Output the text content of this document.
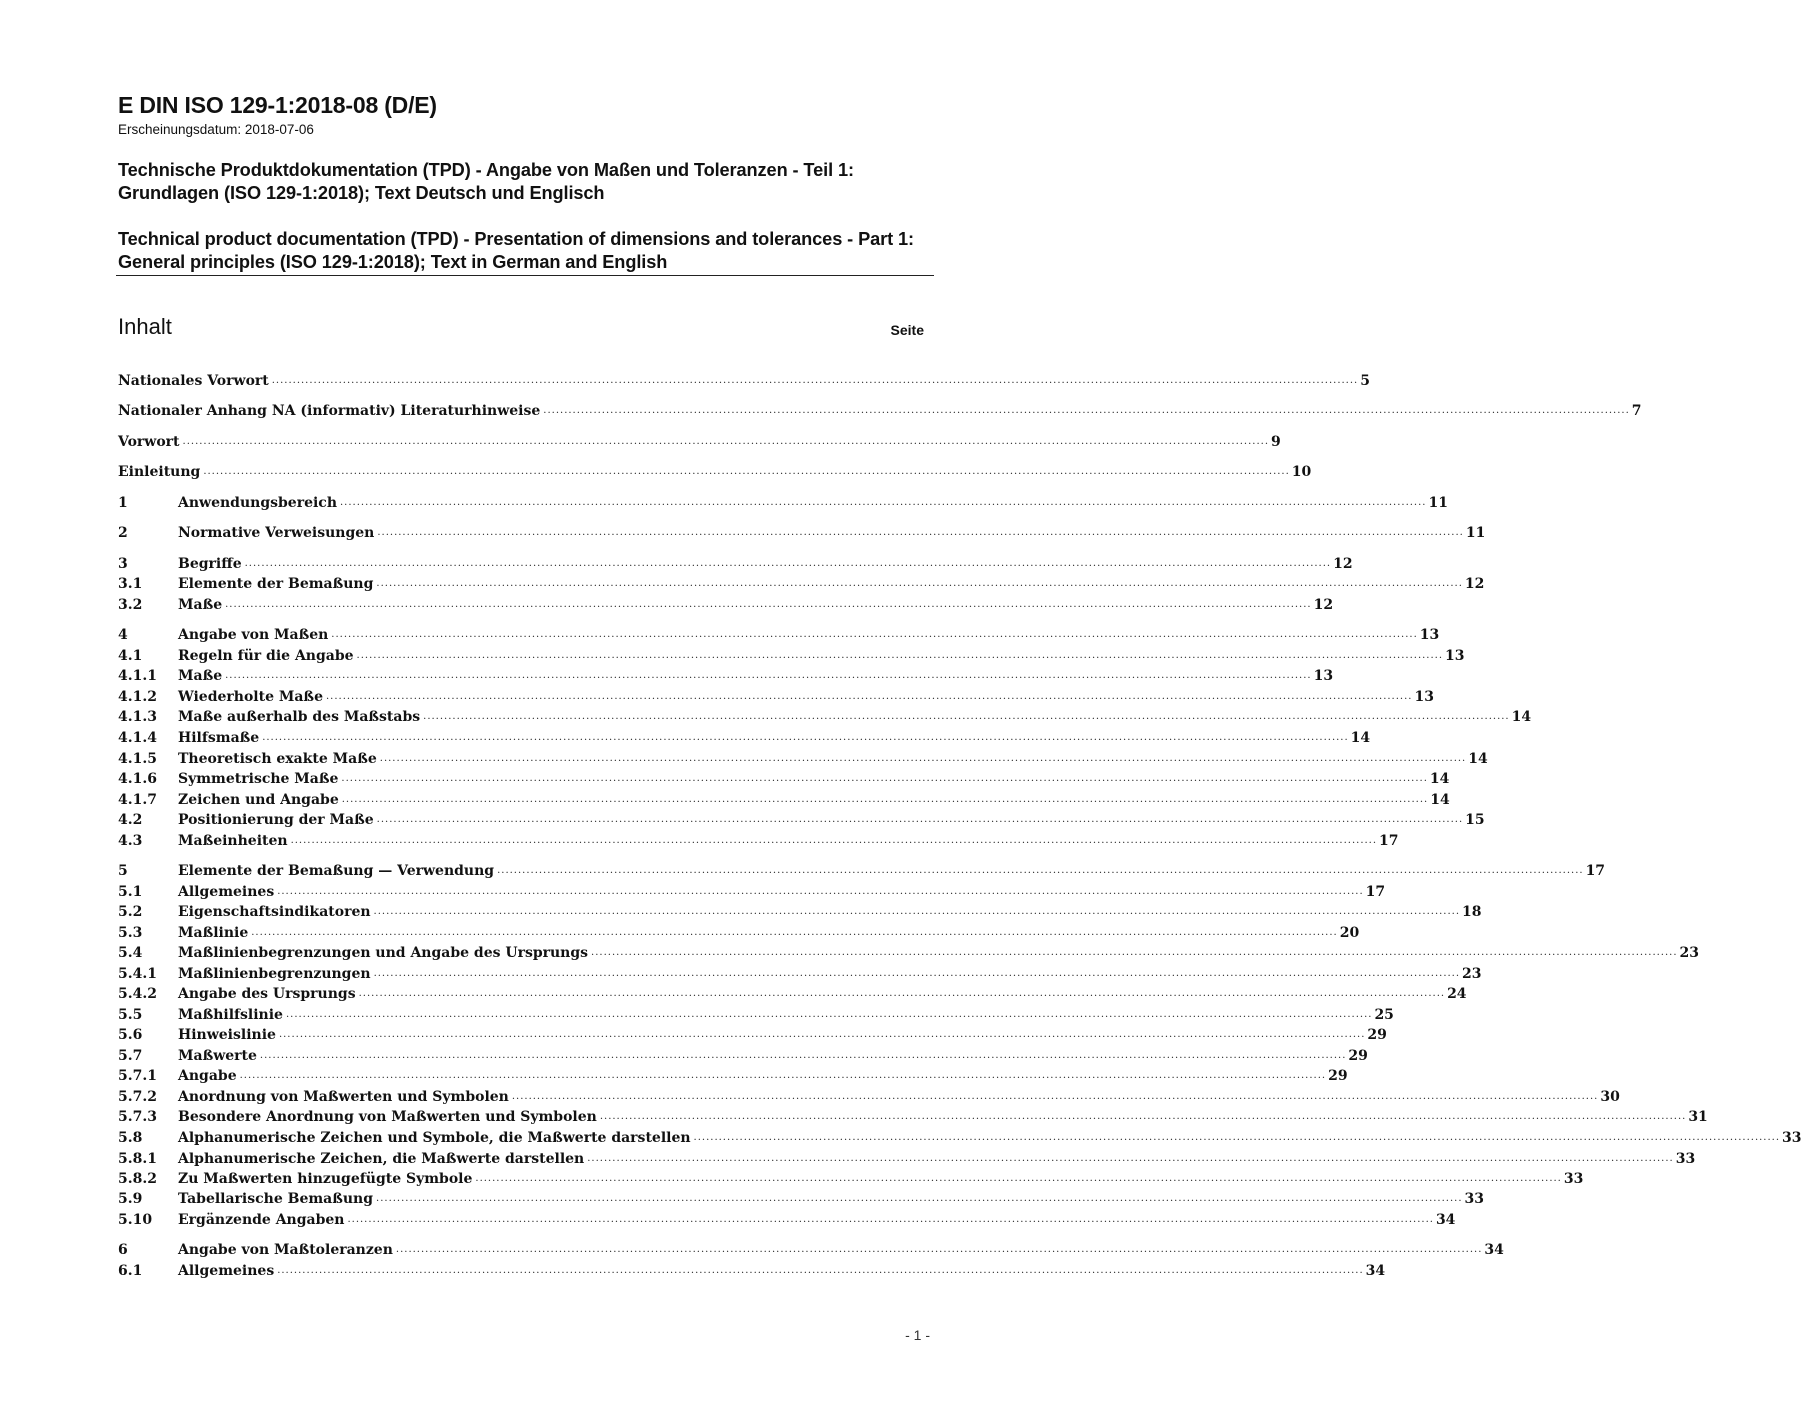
E DIN ISO 129-1:2018-08 (D/E)
Erscheinungsdatum: 2018-07-06
Technische Produktdokumentation (TPD) - Angabe von Maßen und Toleranzen - Teil 1: Grundlagen (ISO 129-1:2018); Text Deutsch und Englisch
Technical product documentation (TPD) - Presentation of dimensions and tolerances - Part 1: General principles (ISO 129-1:2018); Text in German and English
Inhalt	Seite
Nationales Vorwort .................................................................................................................................................................................................................................................................... 5
Nationaler Anhang NA (informativ) Literaturhinweise .................................................................................................................................................................................................................................................................... 7
Vorwort .................................................................................................................................................................................................................................................................... 9
Einleitung .................................................................................................................................................................................................................................................................... 10
1	Anwendungsbereich .................................................................................................................................................................................................................................................................... 11
2	Normative Verweisungen .................................................................................................................................................................................................................................................................... 11
3	Begriffe .................................................................................................................................................................................................................................................................... 12
3.1	Elemente der Bemaßung .................................................................................................................................................................................................................................................................... 12
3.2	Maße .................................................................................................................................................................................................................................................................... 12
4	Angabe von Maßen .................................................................................................................................................................................................................................................................... 13
4.1	Regeln für die Angabe .................................................................................................................................................................................................................................................................... 13
4.1.1	Maße .................................................................................................................................................................................................................................................................... 13
4.1.2	Wiederholte Maße .................................................................................................................................................................................................................................................................... 13
4.1.3	Maße außerhalb des Maßstabs .................................................................................................................................................................................................................................................................... 14
4.1.4	Hilfsmaße .................................................................................................................................................................................................................................................................... 14
4.1.5	Theoretisch exakte Maße .................................................................................................................................................................................................................................................................... 14
4.1.6	Symmetrische Maße .................................................................................................................................................................................................................................................................... 14
4.1.7	Zeichen und Angabe .................................................................................................................................................................................................................................................................... 14
4.2	Positionierung der Maße .................................................................................................................................................................................................................................................................... 15
4.3	Maßeinheiten .................................................................................................................................................................................................................................................................... 17
5	Elemente der Bemaßung — Verwendung .................................................................................................................................................................................................................................................................... 17
5.1	Allgemeines .................................................................................................................................................................................................................................................................... 17
5.2	Eigenschaftsindikatoren .................................................................................................................................................................................................................................................................... 18
5.3	Maßlinie .................................................................................................................................................................................................................................................................... 20
5.4	Maßlinienbegrenzungen und Angabe des Ursprungs .................................................................................................................................................................................................................................................................... 23
5.4.1	Maßlinienbegrenzungen .................................................................................................................................................................................................................................................................... 23
5.4.2	Angabe des Ursprungs .................................................................................................................................................................................................................................................................... 24
5.5	Maßhilfslinie .................................................................................................................................................................................................................................................................... 25
5.6	Hinweislinie .................................................................................................................................................................................................................................................................... 29
5.7	Maßwerte .................................................................................................................................................................................................................................................................... 29
5.7.1	Angabe .................................................................................................................................................................................................................................................................... 29
5.7.2	Anordnung von Maßwerten und Symbolen .................................................................................................................................................................................................................................................................... 30
5.7.3	Besondere Anordnung von Maßwerten und Symbolen .................................................................................................................................................................................................................................................................... 31
5.8	Alphanumerische Zeichen und Symbole, die Maßwerte darstellen .................................................................................................................................................................................................................................................................... 33
5.8.1	Alphanumerische Zeichen, die Maßwerte darstellen .................................................................................................................................................................................................................................................................... 33
5.8.2	Zu Maßwerten hinzugefügte Symbole .................................................................................................................................................................................................................................................................... 33
5.9	Tabellarische Bemaßung .................................................................................................................................................................................................................................................................... 33
5.10	Ergänzende Angaben .................................................................................................................................................................................................................................................................... 34
6	Angabe von Maßtoleranzen .................................................................................................................................................................................................................................................................... 34
6.1	Allgemeines .................................................................................................................................................................................................................................................................... 34
- 1 -
